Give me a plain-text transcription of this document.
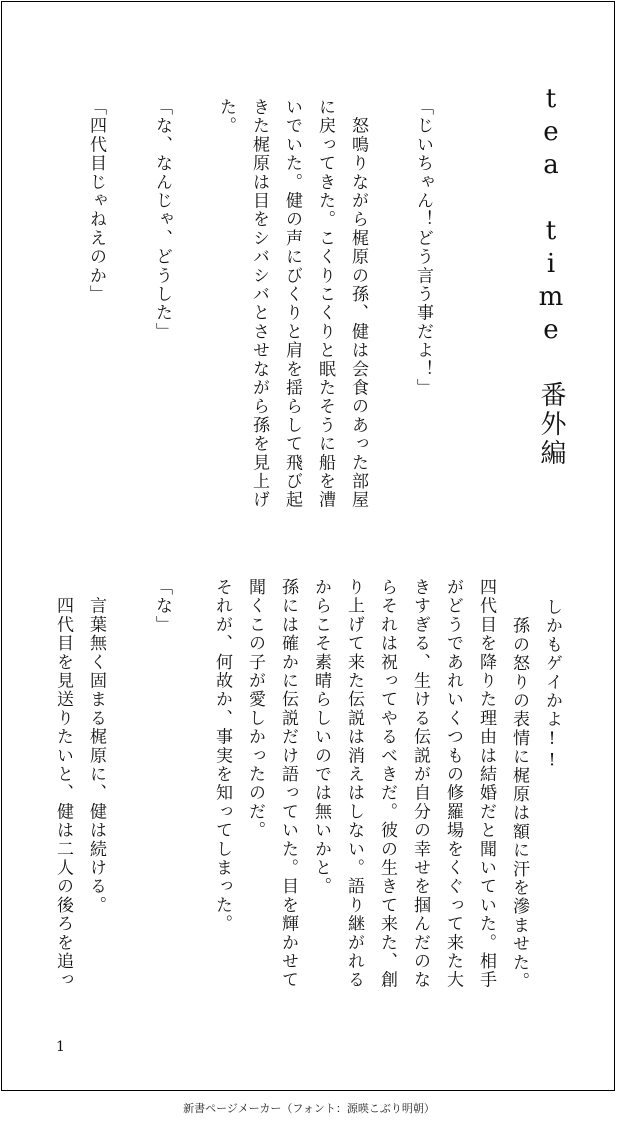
tea time 番外編
「じいちゃん！どう言う事だよ！」
　怒鳴りながら梶原の孫、健は会食のあった部屋
に戻ってきた。こくりこくりと眠たそうに船を漕
いでいた。健の声にびくりと肩を揺らして飛び起
きた梶原は目をシバシバとさせながら孫を見上げ
た。
「な、なんじゃ、どうした」
「四代目じゃねえのか」
しかもゲイかよ!!
　孫の怒りの表情に梶原は額に汗を滲ませた。
四代目を降りた理由は結婚だと聞いていた。相手
がどうであれいくつもの修羅場をくぐって来た大
きすぎる、生ける伝説が自分の幸せを掴んだのな
らそれは祝ってやるべきだ。彼の生きて来た、創
り上げて来た伝説は消えはしない。語り継がれる
からこそ素晴らしいのでは無いかと。
孫には確かに伝説だけ語っていた。目を輝かせて
聞くこの子が愛しかったのだ。
それが、何故か、事実を知ってしまった。
「な」
　言葉無く固まる梶原に、健は続ける。
　四代目を見送りたいと、健は二人の後ろを追っ
1
新書ページメーカー（フォント：源暎こぶり明朝）
